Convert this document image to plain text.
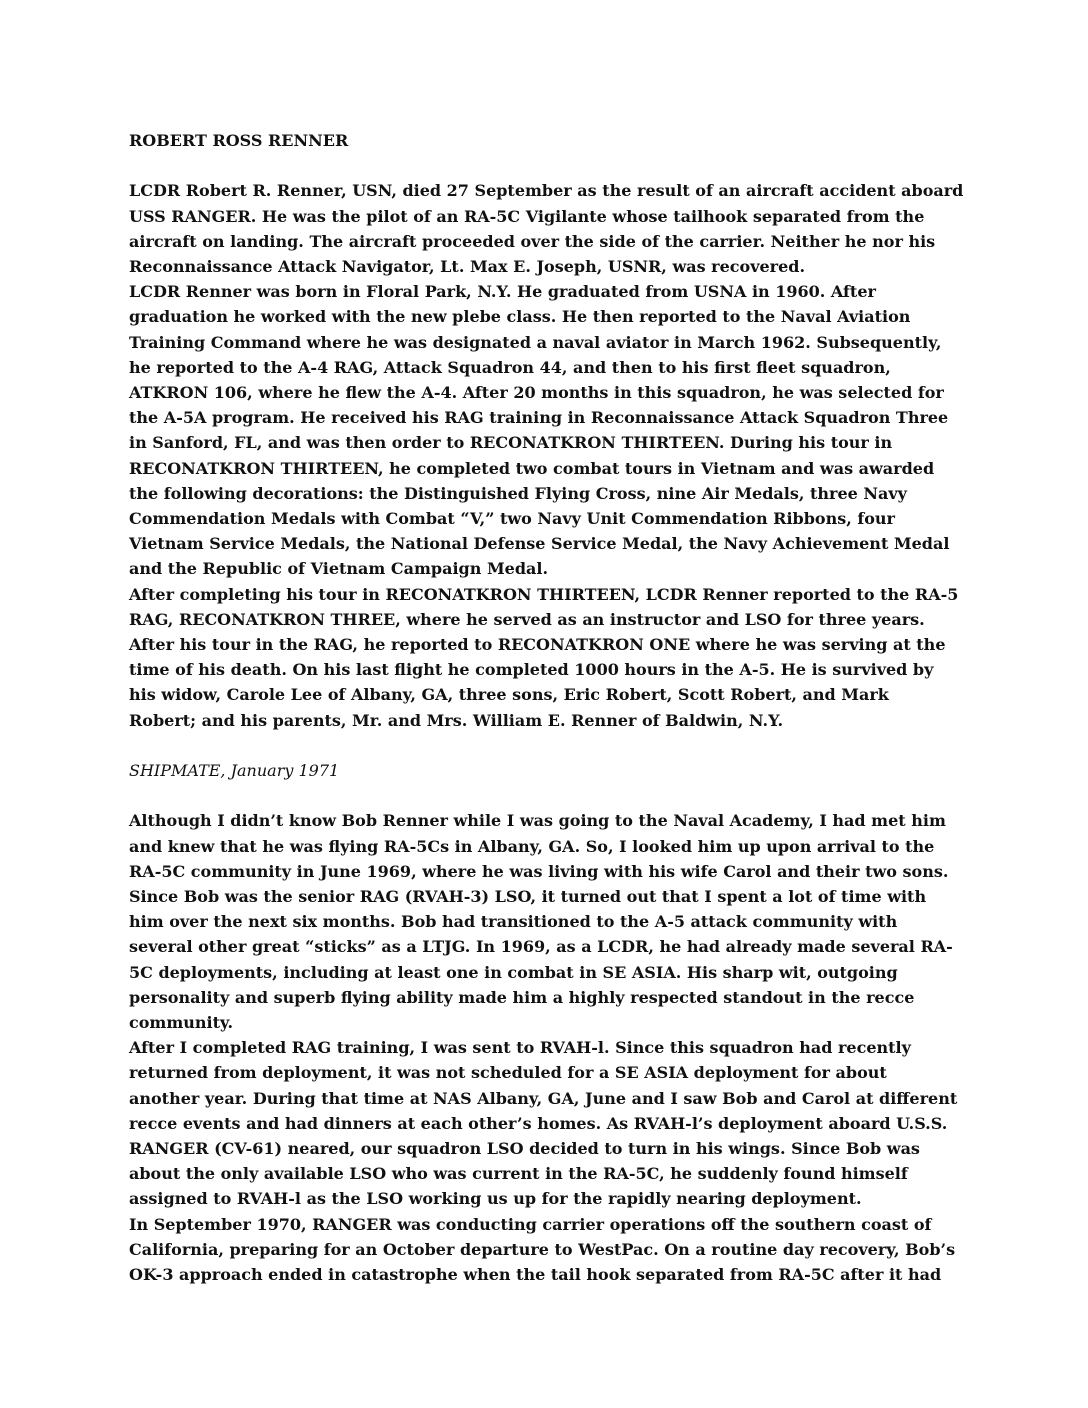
ROBERT ROSS RENNER
LCDR Robert R. Renner, USN, died 27 September as the result of an aircraft accident aboard
USS RANGER. He was the pilot of an RA-5C Vigilante whose tailhook separated from the
aircraft on landing. The aircraft proceeded over the side of the carrier. Neither he nor his
Reconnaissance Attack Navigator, Lt. Max E. Joseph, USNR, was recovered.
LCDR Renner was born in Floral Park, N.Y. He graduated from USNA in 1960. After
graduation he worked with the new plebe class. He then reported to the Naval Aviation
Training Command where he was designated a naval aviator in March 1962. Subsequently,
he reported to the A-4 RAG, Attack Squadron 44, and then to his first fleet squadron,
ATKRON 106, where he flew the A-4. After 20 months in this squadron, he was selected for
the A-5A program. He received his RAG training in Reconnaissance Attack Squadron Three
in Sanford, FL, and was then order to RECONATKRON THIRTEEN. During his tour in
RECONATKRON THIRTEEN, he completed two combat tours in Vietnam and was awarded
the following decorations: the Distinguished Flying Cross, nine Air Medals, three Navy
Commendation Medals with Combat “V,” two Navy Unit Commendation Ribbons, four
Vietnam Service Medals, the National Defense Service Medal, the Navy Achievement Medal
and the Republic of Vietnam Campaign Medal.
After completing his tour in RECONATKRON THIRTEEN, LCDR Renner reported to the RA-5
RAG, RECONATKRON THREE, where he served as an instructor and LSO for three years.
After his tour in the RAG, he reported to RECONATKRON ONE where he was serving at the
time of his death. On his last flight he completed 1000 hours in the A-5. He is survived by
his widow, Carole Lee of Albany, GA, three sons, Eric Robert, Scott Robert, and Mark
Robert; and his parents, Mr. and Mrs. William E. Renner of Baldwin, N.Y.
SHIPMATE, January 1971
Although I didn’t know Bob Renner while I was going to the Naval Academy, I had met him
and knew that he was flying RA-5Cs in Albany, GA. So, I looked him up upon arrival to the
RA-5C community in June 1969, where he was living with his wife Carol and their two sons.
Since Bob was the senior RAG (RVAH-3) LSO, it turned out that I spent a lot of time with
him over the next six months. Bob had transitioned to the A-5 attack community with
several other great “sticks” as a LTJG. In 1969, as a LCDR, he had already made several RA-
5C deployments, including at least one in combat in SE ASIA. His sharp wit, outgoing
personality and superb flying ability made him a highly respected standout in the recce
community.
After I completed RAG training, I was sent to RVAH-l. Since this squadron had recently
returned from deployment, it was not scheduled for a SE ASIA deployment for about
another year. During that time at NAS Albany, GA, June and I saw Bob and Carol at different
recce events and had dinners at each other’s homes. As RVAH-l’s deployment aboard U.S.S.
RANGER (CV-61) neared, our squadron LSO decided to turn in his wings. Since Bob was
about the only available LSO who was current in the RA-5C, he suddenly found himself
assigned to RVAH-l as the LSO working us up for the rapidly nearing deployment.
In September 1970, RANGER was conducting carrier operations off the southern coast of
California, preparing for an October departure to WestPac. On a routine day recovery, Bob’s
OK-3 approach ended in catastrophe when the tail hook separated from RA-5C after it had
